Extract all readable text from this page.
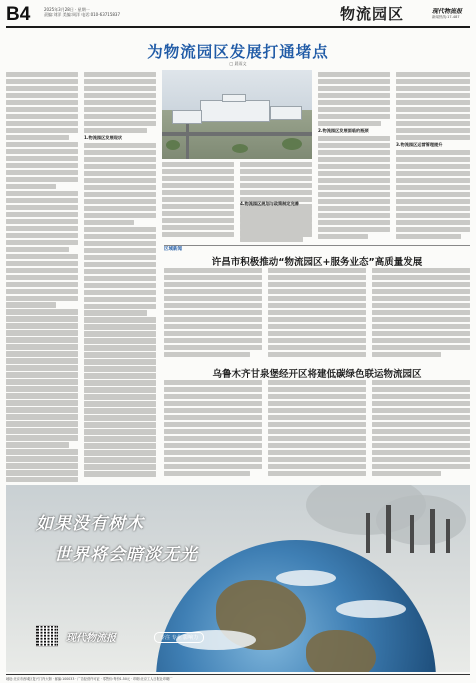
B4	2025年3月28日 · 星期一
责编:刘洋 美编:周洋 电话:010-63715837	物流园区	现代物流报
新闻热线:17-487
为物流园区发展打通堵点
□ 晨雨文
1.物流园区发展现状
2.物流园区发展面临的瓶颈
3.物流园区运营管理提升
4.物流园区规划与政策制定完善
区域新闻
许昌市积极推动“物流园区+服务业态”高质量发展
乌鲁木齐甘泉堡经开区将建低碳绿色联运物流园区
如果没有树木
世界将会暗淡无光
现代物流报	专注 专业 影响力
地址:北京市西城区复兴门内大街 · 邮编:100033 · 广告经营许可证 · 零售价:每份1.50元 · 印刷:北京工人日报社印刷厂
